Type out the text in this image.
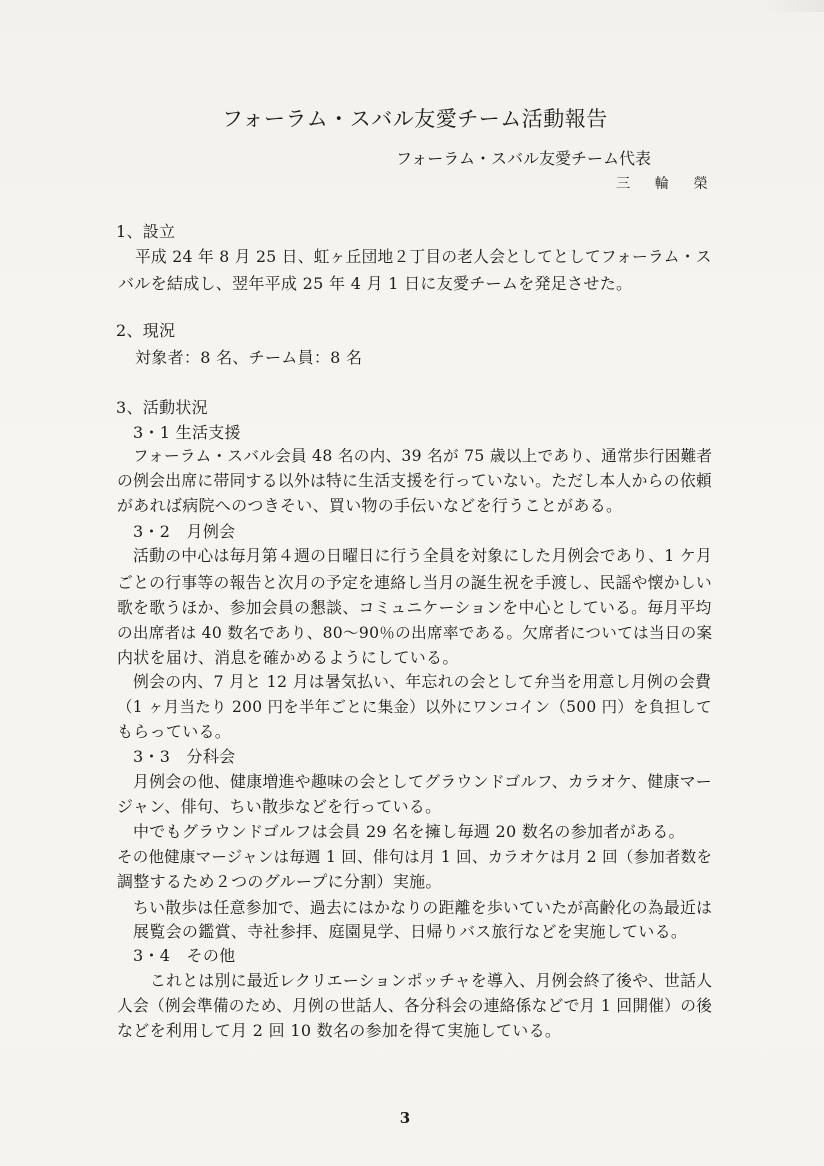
フォーラム・スバル友愛チーム活動報告
フォーラム・スバル友愛チーム代表
三 輪 榮
1、設立
平成 24 年 8 月 25 日、虹ヶ丘団地２丁目の老人会としてとしてフォーラム・ス
バルを結成し、翌年平成 25 年 4 月 1 日に友愛チームを発足させた。
2、現況
対象者：8 名、チーム員：8 名
3、活動状況
3・1 生活支援
フォーラム・スバル会員 48 名の内、39 名が 75 歳以上であり、通常歩行困難者
の例会出席に帯同する以外は特に生活支援を行っていない。ただし本人からの依頼
があれば病院へのつきそい、買い物の手伝いなどを行うことがある。
3・2　月例会
活動の中心は毎月第４週の日曜日に行う全員を対象にした月例会であり、1 ケ月
ごとの行事等の報告と次月の予定を連絡し当月の誕生祝を手渡し、民謡や懐かしい
歌を歌うほか、参加会員の懇談、コミュニケーションを中心としている。毎月平均
の出席者は 40 数名であり、80〜90％の出席率である。欠席者については当日の案
内状を届け、消息を確かめるようにしている。
例会の内、7 月と 12 月は暑気払い、年忘れの会として弁当を用意し月例の会費
（1 ヶ月当たり 200 円を半年ごとに集金）以外にワンコイン（500 円）を負担して
もらっている。
3・3　分科会
月例会の他、健康増進や趣味の会としてグラウンドゴルフ、カラオケ、健康マー
ジャン、俳句、ちい散歩などを行っている。
中でもグラウンドゴルフは会員 29 名を擁し毎週 20 数名の参加者がある。
その他健康マージャンは毎週 1 回、俳句は月 1 回、カラオケは月 2 回（参加者数を
調整するため２つのグループに分割）実施。
ちい散歩は任意参加で、過去にはかなりの距離を歩いていたが高齢化の為最近は
展覧会の鑑賞、寺社参拝、庭園見学、日帰りバス旅行などを実施している。
3・4　その他
これとは別に最近レクリエーションポッチャを導入、月例会終了後や、世話人
人会（例会準備のため、月例の世話人、各分科会の連絡係などで月 1 回開催）の後
などを利用して月 2 回 10 数名の参加を得て実施している。
3
